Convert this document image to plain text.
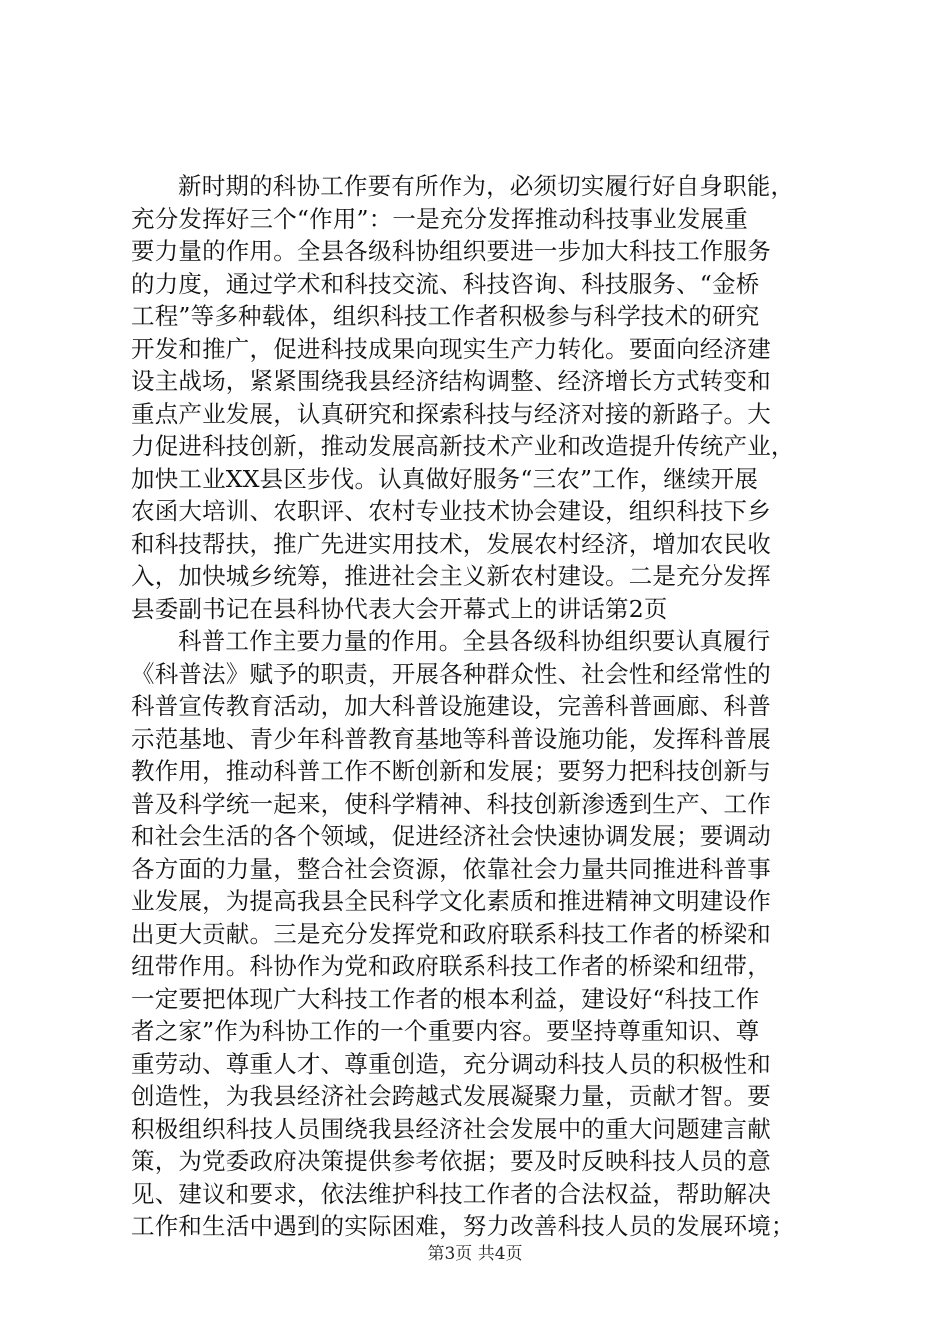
新时期的科协工作要有所作为，必须切实履行好自身职能，
充分发挥好三个“作用”：一是充分发挥推动科技事业发展重
要力量的作用。全县各级科协组织要进一步加大科技工作服务
的力度，通过学术和科技交流、科技咨询、科技服务、“金桥
工程”等多种载体，组织科技工作者积极参与科学技术的研究
开发和推广，促进科技成果向现实生产力转化。要面向经济建
设主战场，紧紧围绕我县经济结构调整、经济增长方式转变和
重点产业发展，认真研究和探索科技与经济对接的新路子。大
力促进科技创新，推动发展高新技术产业和改造提升传统产业，
加快工业XX县区步伐。认真做好服务“三农”工作，继续开展
农函大培训、农职评、农村专业技术协会建设，组织科技下乡
和科技帮扶，推广先进实用技术，发展农村经济，增加农民收
入，加快城乡统筹，推进社会主义新农村建设。二是充分发挥
县委副书记在县科协代表大会开幕式上的讲话第2页
科普工作主要力量的作用。全县各级科协组织要认真履行
《科普法》赋予的职责，开展各种群众性、社会性和经常性的
科普宣传教育活动，加大科普设施建设，完善科普画廊、科普
示范基地、青少年科普教育基地等科普设施功能，发挥科普展
教作用，推动科普工作不断创新和发展；要努力把科技创新与
普及科学统一起来，使科学精神、科技创新渗透到生产、工作
和社会生活的各个领域，促进经济社会快速协调发展；要调动
各方面的力量，整合社会资源，依靠社会力量共同推进科普事
业发展，为提高我县全民科学文化素质和推进精神文明建设作
出更大贡献。三是充分发挥党和政府联系科技工作者的桥梁和
纽带作用。科协作为党和政府联系科技工作者的桥梁和纽带，
一定要把体现广大科技工作者的根本利益，建设好“科技工作
者之家”作为科协工作的一个重要内容。要坚持尊重知识、尊
重劳动、尊重人才、尊重创造，充分调动科技人员的积极性和
创造性，为我县经济社会跨越式发展凝聚力量，贡献才智。要
积极组织科技人员围绕我县经济社会发展中的重大问题建言献
策，为党委政府决策提供参考依据；要及时反映科技人员的意
见、建议和要求，依法维护科技工作者的合法权益，帮助解决
工作和生活中遇到的实际困难，努力改善科技人员的发展环境；
第3页 共4页
